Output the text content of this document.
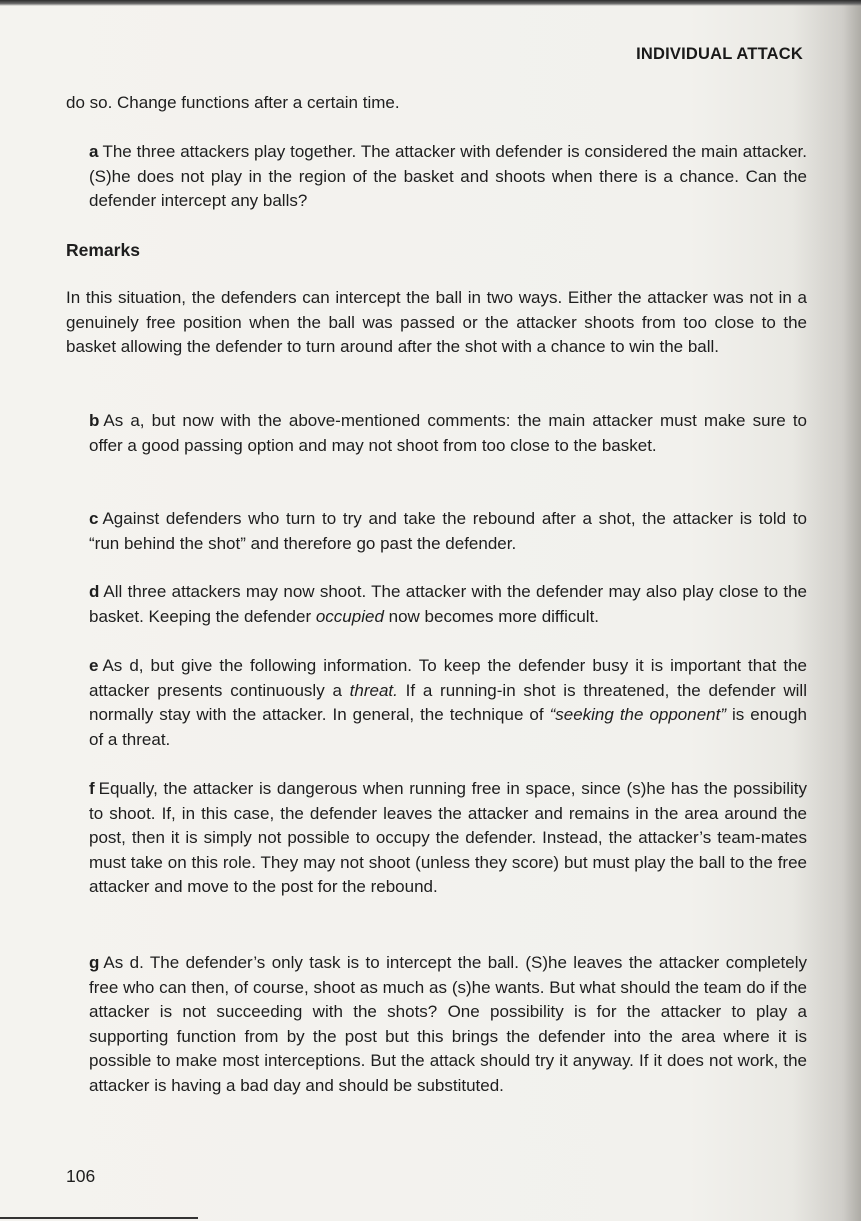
INDIVIDUAL ATTACK

do so. Change functions after a certain time.

a The three attackers play together. The attacker with defender is considered the main attacker. (S)he does not play in the region of the basket and shoots when there is a chance. Can the defender intercept any balls?

Remarks

In this situation, the defenders can intercept the ball in two ways. Either the attacker was not in a genuinely free position when the ball was passed or the attacker shoots from too close to the basket allowing the defender to turn around after the shot with a chance to win the ball.

b As a, but now with the above-mentioned comments: the main attacker must make sure to offer a good passing option and may not shoot from too close to the basket.

c Against defenders who turn to try and take the rebound after a shot, the attacker is told to “run behind the shot” and therefore go past the defender.

d All three attackers may now shoot. The attacker with the defender may also play close to the basket. Keeping the defender occupied now becomes more difficult.

e As d, but give the following information. To keep the defender busy it is important that the attacker presents continuously a threat. If a running-in shot is threatened, the defender will normally stay with the attacker. In general, the technique of “seeking the opponent” is enough of a threat.

f Equally, the attacker is dangerous when running free in space, since (s)he has the possibility to shoot. If, in this case, the defender leaves the attacker and remains in the area around the post, then it is simply not possible to occupy the defender. Instead, the attacker’s team-mates must take on this role. They may not shoot (unless they score) but must play the ball to the free attacker and move to the post for the rebound.

g As d. The defender’s only task is to intercept the ball. (S)he leaves the attacker completely free who can then, of course, shoot as much as (s)he wants. But what should the team do if the attacker is not succeeding with the shots? One possibility is for the attacker to play a supporting function from by the post but this brings the defender into the area where it is possible to make most interceptions. But the attack should try it anyway. If it does not work, the attacker is having a bad day and should be substituted.

106
